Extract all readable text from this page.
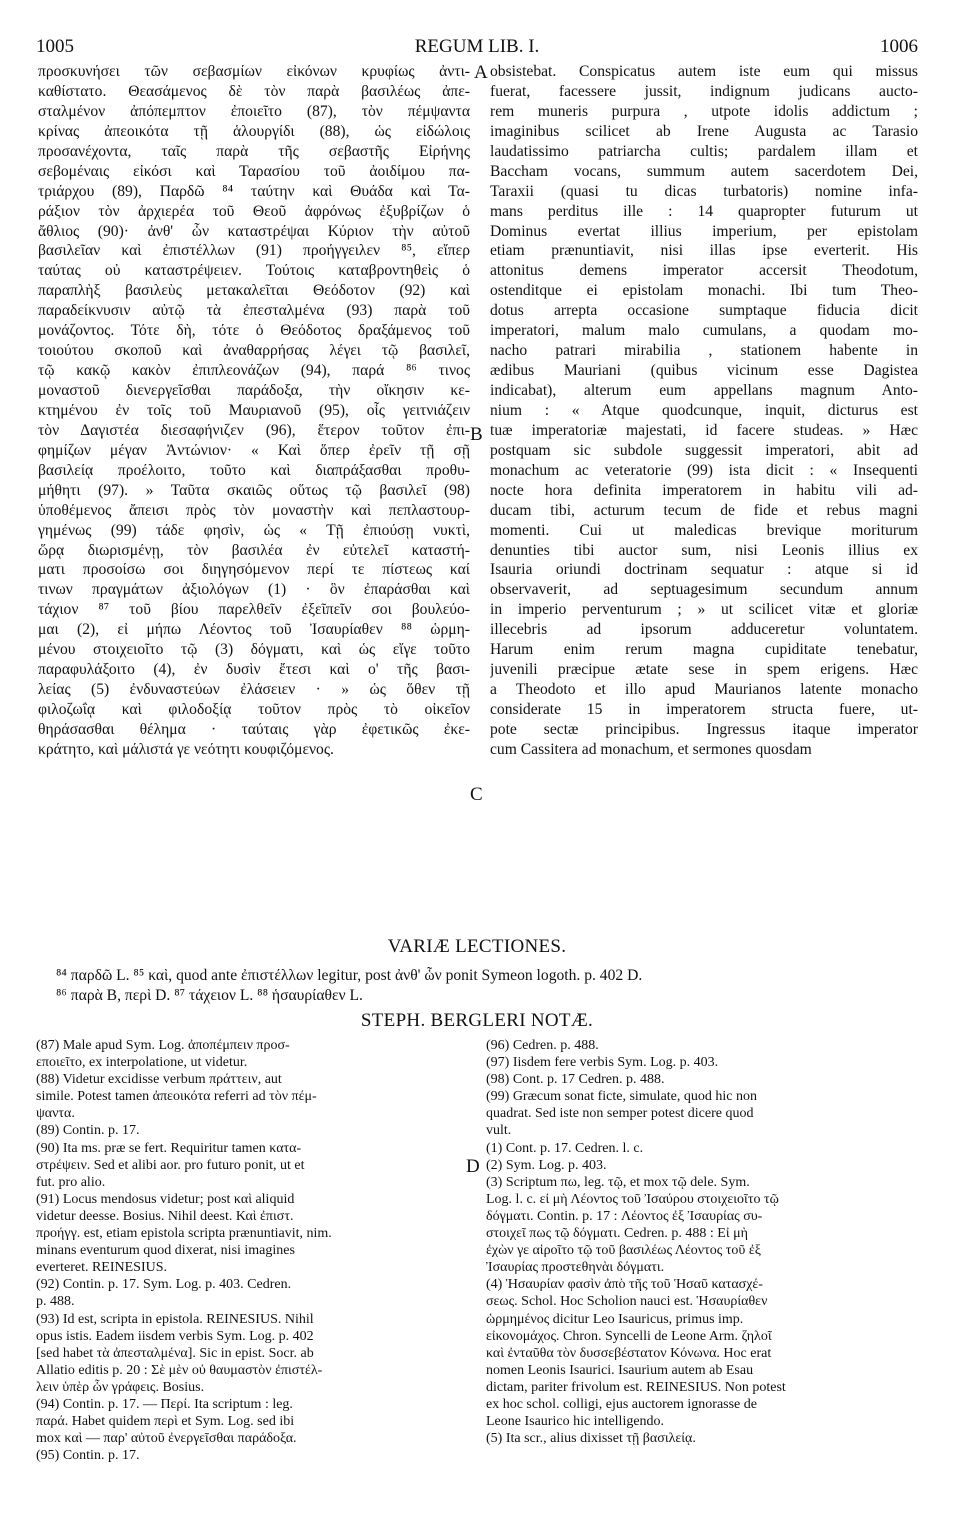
1005	REGUM LIB. I.	1006
προσκυνήσει τῶν σεβασμίων εἰκόνων κρυφίως ἀντι-
καθίστατο. Θεασάμενος δὲ τὸν παρὰ βασιλέως ἀπε-
σταλμένον ἀπόπεμπτον ἐποιεῖτο (87), τὸν πέμψαντα
κρίνας ἀπεοικότα τῇ ἁλουργίδι (88), ὡς εἰδώλοις
προσανέχοντα, ταῖς παρὰ τῆς σεβαστῆς Εἰρήνης
σεβομέναις εἰκόσι καὶ Ταρασίου τοῦ ἀοιδίμου πα-
τριάρχου (89), Παρδῶ ⁸⁴ ταύτην καὶ Θυάδα καὶ Τα-
ράξιον τὸν ἀρχιερέα τοῦ Θεοῦ ἀφρόνως ἐξυβρίζων ὁ
ἄθλιος (90)· ἀνθ' ὧν καταστρέψαι Κύριον τὴν αὐτοῦ
βασιλεῖαν καὶ ἐπιστέλλων (91) προήγγειλεν ⁸⁵, εἴπερ
ταύτας οὐ καταστρέψειεν. Τούτοις καταβροντηθεὶς ὁ
παραπλὴξ βασιλεὺς μετακαλεῖται Θεόδοτον (92) καὶ
παραδείκνυσιν αὐτῷ τὰ ἐπεσταλμένα (93) παρὰ τοῦ
μονάζοντος. Τότε δὴ, τότε ὁ Θεόδοτος δραξάμενος τοῦ
τοιούτου σκοποῦ καὶ ἀναθαρρήσας λέγει τῷ βασιλεῖ,
τῷ κακῷ κακὸν ἐπιπλεονάζων (94), παρά ⁸⁶ τινος
μοναστοῦ διενεργεῖσθαι παράδοξα, τὴν οἴκησιν κε-
κτημένου ἐν τοῖς τοῦ Μαυριανοῦ (95), οἷς γειτνιάζειν
τὸν Δαγιστέα διεσαφήνιζεν (96), ἕτερον τοῦτον ἐπι-
φημίζων μέγαν Ἀντώνιον· « Καὶ ὅπερ ἐρεῖν τῇ σῇ
βασιλείᾳ προέλοιτο, τοῦτο καὶ διαπράξασθαι προθυ-
μήθητι (97). » Ταῦτα σκαιῶς οὕτως τῷ βασιλεῖ (98)
ὑποθέμενος ἄπεισι πρὸς τὸν μοναστὴν καὶ πεπλαστουρ-
γημένως (99) τάδε φησὶν, ὡς « Τῇ ἐπιούσῃ νυκτὶ,
ὥρᾳ διωρισμένῃ, τὸν βασιλέα ἐν εὐτελεῖ καταστή-
ματι προσοίσω σοι διηγησόμενον περί τε πίστεως καί
τινων πραγμάτων ἀξιολόγων (1) · ὃν ἐπαράσθαι καὶ
τάχιον ⁸⁷ τοῦ βίου παρελθεῖν ἐξεῖπεῖν σοι βουλεύο-
μαι (2), εἰ μήπω Λέοντος τοῦ Ἰσαυρίαθεν ⁸⁸ ὡρμη-
μένου στοιχειοῖτο τῷ (3) δόγματι, καὶ ὡς εἴγε τοῦτο
παραφυλάξοιτο (4), ἐν δυσὶν ἔτεσι καὶ ο' τῆς βασι-
λείας (5) ἐνδυναστεύων ἐλάσειεν · » ὡς ὅθεν τῇ
φιλοζωΐᾳ καὶ φιλοδοξίᾳ τοῦτον πρὸς τὸ οἰκεῖον
θηράσασθαι θέλημα · ταύταις γὰρ ἐφετικῶς ἐκε-
κράτητο, καὶ μάλιστά γε νεότητι κουφιζόμενος.
obsistebat. Conspicatus autem iste eum qui missus
fuerat, facessere jussit, indignum judicans aucto-
rem muneris purpura , utpote idolis addictum ;
imaginibus scilicet ab Irene Augusta ac Tarasio
laudatissimo patriarcha cultis; pardalem illam et
Baccham vocans, summum autem sacerdotem Dei,
Taraxii (quasi tu dicas turbatoris) nomine infa-
mans perditus ille : 14 quapropter futurum ut
Dominus evertat illius imperium, per epistolam
etiam prænuntiavit, nisi illas ipse everterit. His
attonitus demens imperator accersit Theodotum,
ostenditque ei epistolam monachi. Ibi tum Theo-
dotus arrepta occasione sumptaque fiducia dicit
imperatori, malum malo cumulans, a quodam mo-
nacho patrari mirabilia , stationem habente in
ædibus Mauriani (quibus vicinum esse Dagistea
indicabat), alterum eum appellans magnum Anto-
nium : « Atque quodcunque, inquit, dicturus est
tuæ imperatoriæ majestati, id facere studeas. » Hæc
postquam sic subdole suggessit imperatori, abit ad
monachum ac veteratorie (99) ista dicit : « Insequenti
nocte hora definita imperatorem in habitu vili ad-
ducam tibi, acturum tecum de fide et rebus magni
momenti. Cui ut maledicas brevique moriturum
denunties tibi auctor sum, nisi Leonis illius ex
Isauria oriundi doctrinam sequatur : atque si id
observaverit, ad septuagesimum secundum annum
in imperio perventurum ; » ut scilicet vitæ et gloriæ
illecebris ad ipsorum adduceretur voluntatem.
Harum enim rerum magna cupiditate tenebatur,
juvenili præcipue ætate sese in spem erigens. Hæc
a Theodoto et illo apud Maurianos latente monacho
considerate 15 in imperatorem structa fuere, ut-
pote sectæ principibus. Ingressus itaque imperator
cum Cassitera ad monachum, et sermones quosdam
A
B
C
D
VARIÆ LECTIONES.
⁸⁴ παρδῶ L. ⁸⁵ καὶ, quod ante ἐπιστέλλων legitur, post ἀνθ' ὧν ponit Symeon logoth. p. 402 D.
⁸⁶ παρὰ B, περὶ D. ⁸⁷ τάχειον L. ⁸⁸ ἡσαυρίαθεν L.
STEPH. BERGLERI NOTÆ.
(87) Male apud Sym. Log. ἀποπέμπειν προσ-
εποιεῖτο, ex interpolatione, ut videtur.
(88) Videtur excidisse verbum πράττειν, aut
simile. Potest tamen ἀπεοικότα referri ad τὸν πέμ-
ψαντα.
(89) Contin. p. 17.
(90) Ita ms. præ se fert. Requiritur tamen κατα-
στρέψειν. Sed et alibi aor. pro futuro ponit, ut et
fut. pro alio.
(91) Locus mendosus videtur; post καὶ aliquid
videtur deesse. Bosius. Nihil deest. Καὶ ἐπιστ.
προήγγ. est, etiam epistola scripta prænuntiavit, nim.
minans eventurum quod dixerat, nisi imagines
everteret. REINESIUS.
(92) Contin. p. 17. Sym. Log. p. 403. Cedren.
p. 488.
(93) Id est, scripta in epistola. REINESIUS. Nihil
opus istis. Eadem iisdem verbis Sym. Log. p. 402
[sed habet τὰ ἀπεσταλμένα]. Sic in epist. Socr. ab
Allatio editis p. 20 : Σὲ μὲν οὐ θαυμαστὸν ἐπιστέλ-
λειν ὑπὲρ ὧν γράφεις. Bosius.
(94) Contin. p. 17. — Περί. Ita scriptum : leg.
παρά. Habet quidem περὶ et Sym. Log. sed ibi
mox καὶ — παρ' αὐτοῦ ἐνεργεῖσθαι παράδοξα.
(95) Contin. p. 17.
(96) Cedren. p. 488.
(97) Iisdem fere verbis Sym. Log. p. 403.
(98) Cont. p. 17 Cedren. p. 488.
(99) Græcum sonat ficte, simulate, quod hic non
quadrat. Sed iste non semper potest dicere quod
vult.
(1) Cont. p. 17. Cedren. l. c.
(2) Sym. Log. p. 403.
(3) Scriptum πω, leg. τῷ, et mox τῷ dele. Sym.
Log. l. c. εἰ μὴ Λέοντος τοῦ Ἰσαύρου στοιχειοῖτο τῷ
δόγματι. Contin. p. 17 : Λέοντος ἐξ Ἰσαυρίας συ-
στοιχεῖ πως τῷ δόγματι. Cedren. p. 488 : Εἰ μὴ
ἐχὼν γε αἱροῖτο τῷ τοῦ βασιλέως Λέοντος τοῦ ἐξ
Ἰσαυρίας προστεθηνὰι δόγματι.
(4) Ἡσαυρίαν φασὶν ἀπὸ τῆς τοῦ Ἡσαῦ κατασχέ-
σεως. Schol. Hoc Scholion nauci est. Ἡσαυρίαθεν
ὡρμημένος dicitur Leo Isauricus, primus imp.
εἰκονομάχος. Chron. Syncelli de Leone Arm. ζηλοῖ
καὶ ἐνταῦθα τὸν δυσσεβέστατον Κόνωνα. Hoc erat
nomen Leonis Isaurici. Isaurium autem ab Esau
dictam, pariter frivolum est. REINESIUS. Non potest
ex hoc schol. colligi, ejus auctorem ignorasse de
Leone Isaurico hic intelligendo.
(5) Ita scr., alius dixisset τῇ βασιλείᾳ.
